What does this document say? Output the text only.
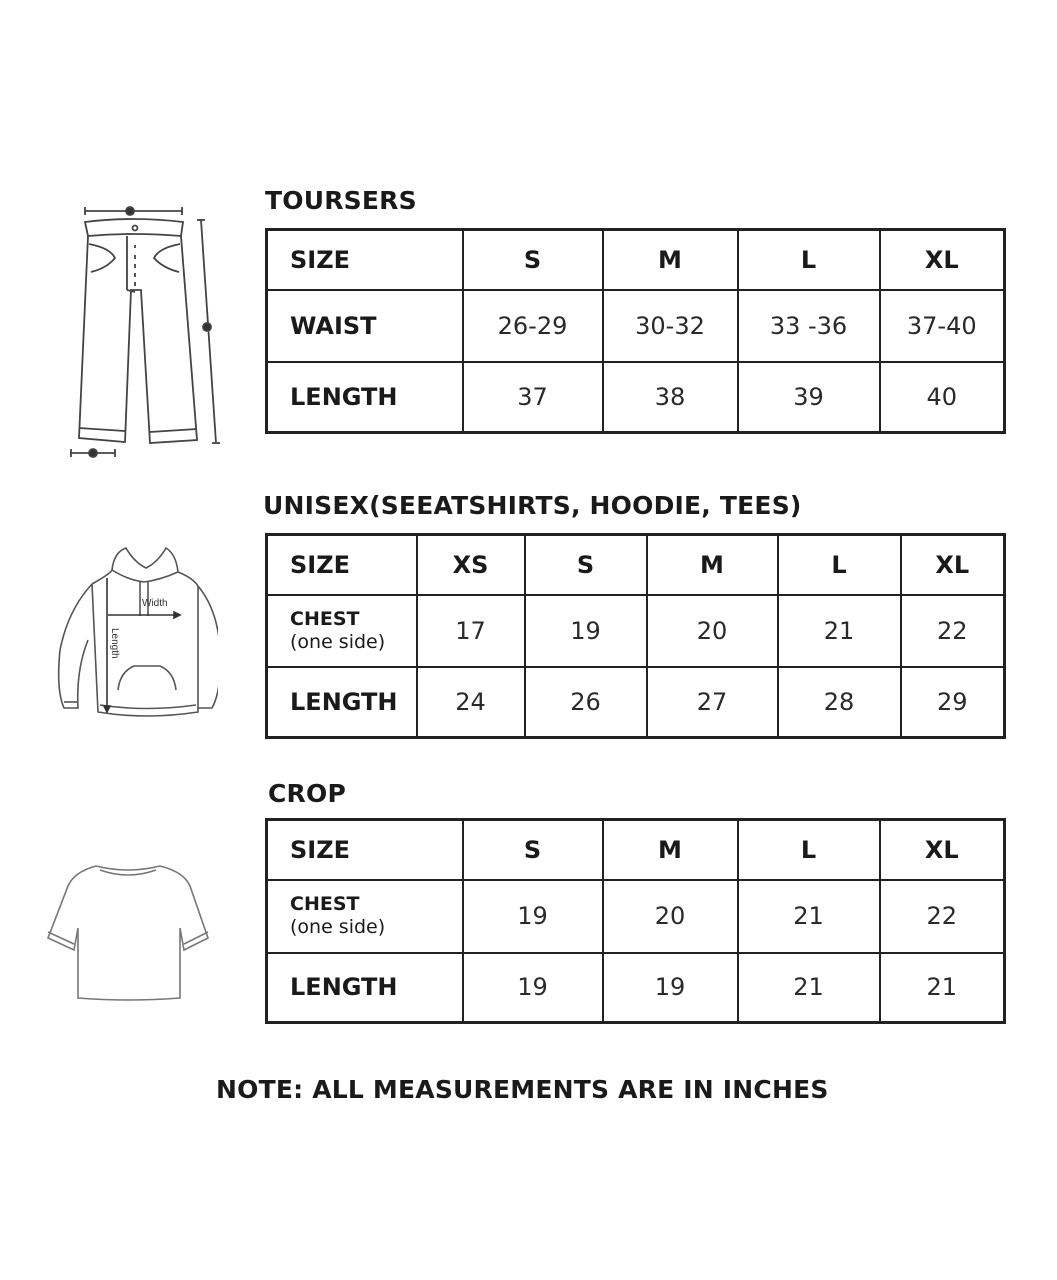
TOURSERS
SIZE	S	M	L	XL
WAIST	26-29	30-32	33 -36	37-40
LENGTH	37	38	39	40
Width
Length
UNISEX(SEEATSHIRTS, HOODIE, TEES)
SIZE	XS	S	M	L	XL
CHEST
(one side)	17	19	20	21	22
LENGTH	24	26	27	28	29
CROP
SIZE	S	M	L	XL
CHEST
(one side)	19	20	21	22
LENGTH	19	19	21	21
NOTE: ALL MEASUREMENTS ARE IN INCHES
